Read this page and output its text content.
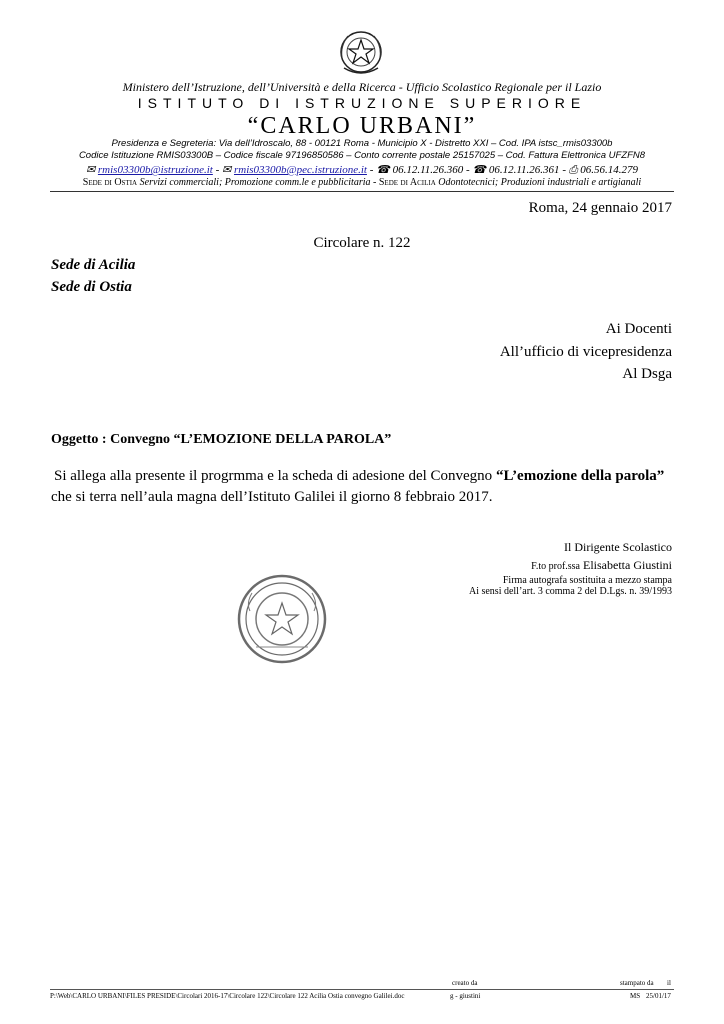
Ministero dell’Istruzione, dell’Università e della Ricerca - Ufficio Scolastico Regionale per il Lazio
ISTITUTO DI ISTRUZIONE SUPERIORE
“CARLO URBANI”
Presidenza e Segreteria: Via dell’Idroscalo, 88 - 00121 Roma - Municipio X - Distretto XXI – Cod. IPA istsc_rmis03300b
Codice Istituzione RMIS03300B – Codice fiscale 97196850586 – Conto corrente postale 25157025 – Cod. Fattura Elettronica UFZFN8
✉ rmis03300b@istruzione.it - ✉ rmis03300b@pec.istruzione.it - ☎ 06.12.11.26.360 - ☎ 06.12.11.26.361 - ⎙ 06.56.14.279
Sede di Ostia Servizi commerciali; Promozione comm.le e pubblicitaria - Sede di Acilia Odontotecnici; Produzioni industriali e artigianali
Roma, 24 gennaio 2017
Circolare n. 122
Sede di Acilia
Sede di Ostia
Ai Docenti
All’ufficio di vicepresidenza
Al Dsga
Oggetto : Convegno “L’EMOZIONE DELLA PAROLA”
Si allega alla presente il progrmma e la scheda di adesione del Convegno “L’emozione della parola”
che si terra nell’aula magna dell’Istituto Galilei il giorno 8 febbraio 2017.
Il Dirigente Scolastico
F.to prof.ssa Elisabetta Giustini
Firma autografa sostituita a mezzo stampa
Ai sensi dell’art. 3 comma 2 del D.Lgs. n. 39/1993
creato da	stampato da il
P:\Web\CARLO URBANI\FILES PRESIDE\Circolari 2016-17\Circolare 122\Circolare 122 Acilia Ostia convegno Galilei.doc	g - giustini	MS 25/01/17
